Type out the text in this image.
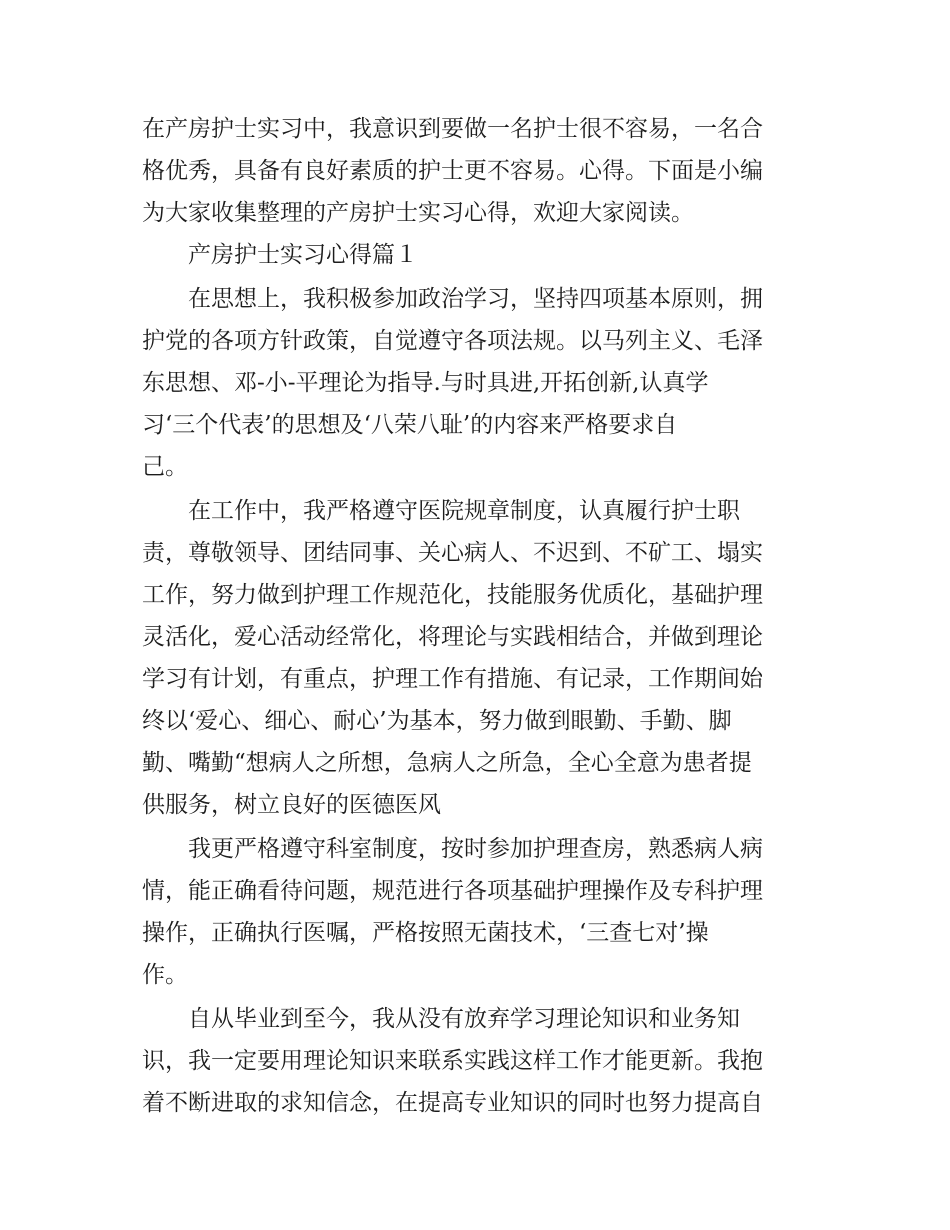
在产房护士实习中，我意识到要做一名护士很不容易，一名合
格优秀，具备有良好素质的护士更不容易。心得。下面是小编
为大家收集整理的产房护士实习心得，欢迎大家阅读。
产房护士实习心得篇１
在思想上，我积极参加政治学习，坚持四项基本原则，拥
护党的各项方针政策，自觉遵守各项法规。以马列主义、毛泽
东思想、邓-小-平理论为指导.与时具进,开拓创新,认真学
习‘三个代表’的思想及‘八荣八耻’的内容来严格要求自
己。
在工作中，我严格遵守医院规章制度，认真履行护士职
责，尊敬领导、团结同事、关心病人、不迟到、不矿工、塌实
工作，努力做到护理工作规范化，技能服务优质化，基础护理
灵活化，爱心活动经常化，将理论与实践相结合，并做到理论
学习有计划，有重点，护理工作有措施、有记录，工作期间始
终以‘爱心、细心、耐心’为基本，努力做到眼勤、手勤、脚
勤、嘴勤“想病人之所想，急病人之所急，全心全意为患者提
供服务，树立良好的医德医风
我更严格遵守科室制度，按时参加护理查房，熟悉病人病
情，能正确看待问题，规范进行各项基础护理操作及专科护理
操作，正确执行医嘱，严格按照无菌技术，‘三查七对’操
作。
自从毕业到至今，我从没有放弃学习理论知识和业务知
识，我一定要用理论知识来联系实践这样工作才能更新。我抱
着不断进取的求知信念，在提高专业知识的同时也努力提高自
